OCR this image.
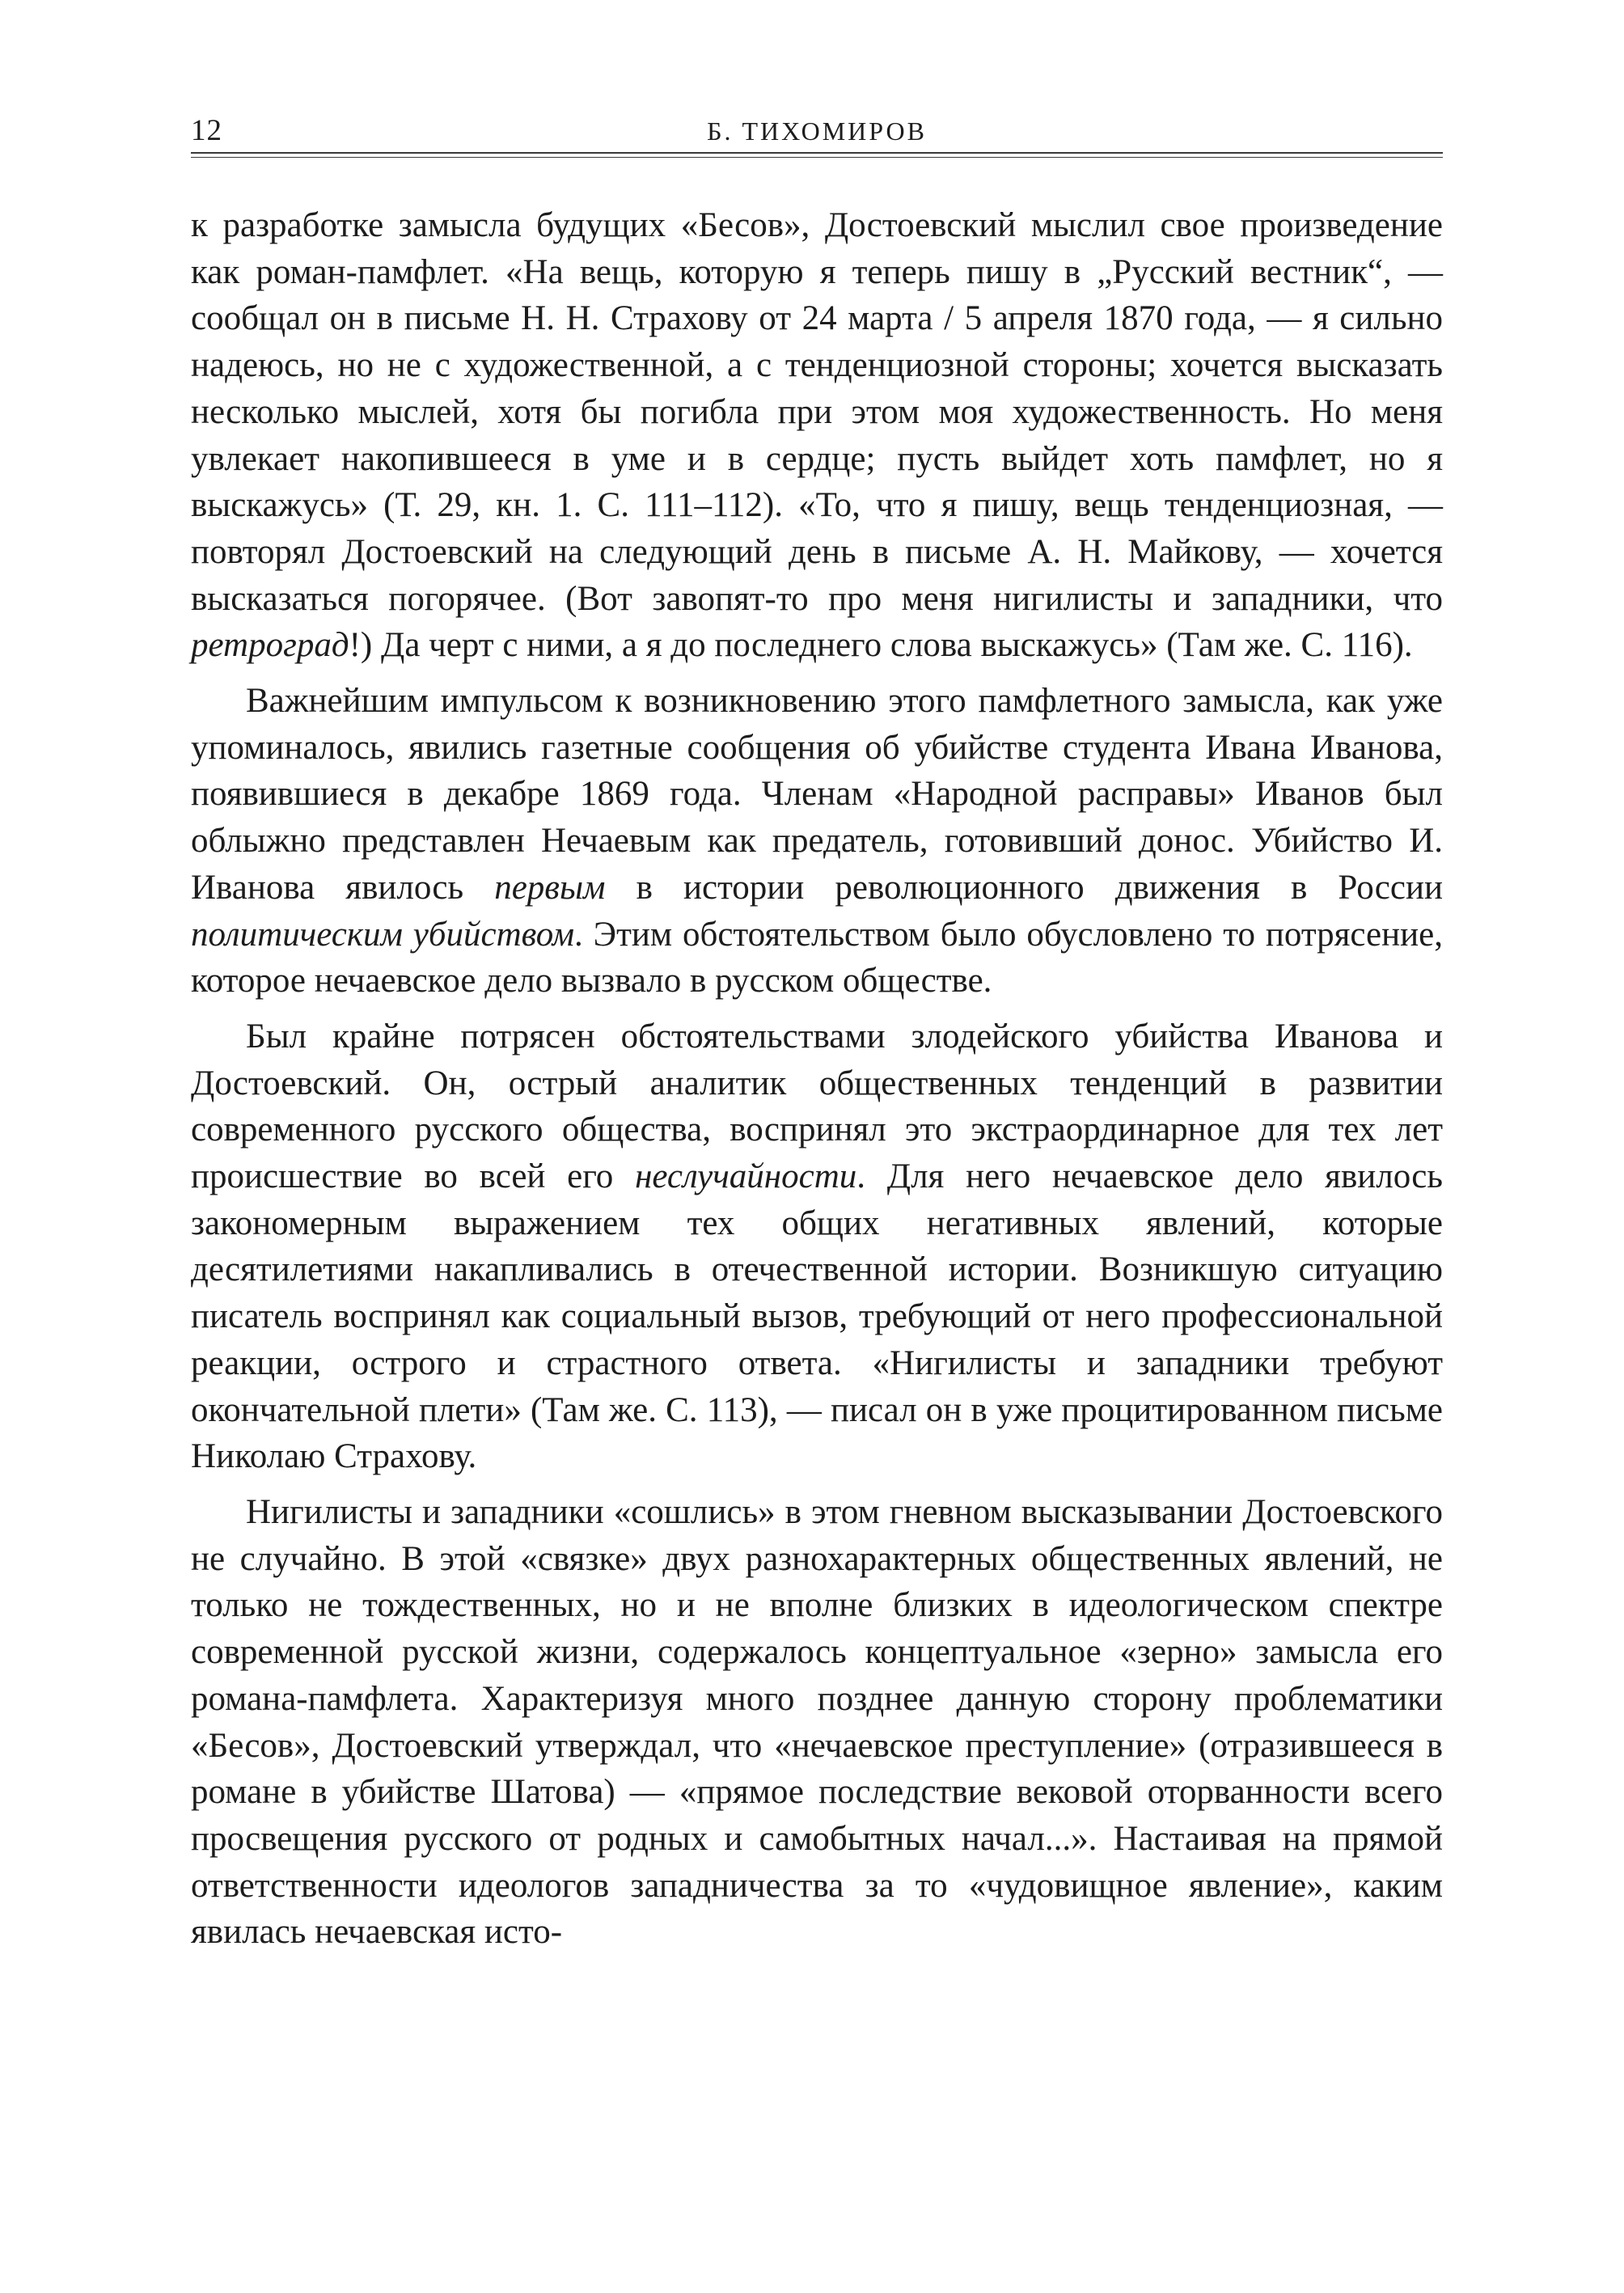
12	Б. ТИХОМИРОВ

к разработке замысла будущих «Бесов», Достоевский мыслил свое произведение как роман-памфлет. «На вещь, которую я теперь пишу в „Русский вестник“, — сообщал он в письме Н. Н. Страхову от 24 марта / 5 апреля 1870 года, — я сильно надеюсь, но не с художественной, а с тенденциозной стороны; хочется высказать несколько мыслей, хотя бы погибла при этом моя художественность. Но меня увлекает накопившееся в уме и в сердце; пусть выйдет хоть памфлет, но я выскажусь» (Т. 29, кн. 1. С. 111–112). «То, что я пишу, вещь тенденциозная, — повторял Достоевский на следующий день в письме А. Н. Майкову, — хочется высказаться погорячее. (Вот завопят-то про меня нигилисты и западники, что ретроград!) Да черт с ними, а я до последнего слова выскажусь» (Там же. С. 116).

Важнейшим импульсом к возникновению этого памфлетного замысла, как уже упоминалось, явились газетные сообщения об убийстве студента Ивана Иванова, появившиеся в декабре 1869 года. Членам «Народной расправы» Иванов был облыжно представлен Нечаевым как предатель, готовивший донос. Убийство И. Иванова явилось первым в истории революционного движения в России политическим убийством. Этим обстоятельством было обусловлено то потрясение, которое нечаевское дело вызвало в русском обществе.

Был крайне потрясен обстоятельствами злодейского убийства Иванова и Достоевский. Он, острый аналитик общественных тенденций в развитии современного русского общества, воспринял это экстраординарное для тех лет происшествие во всей его неслучайности. Для него нечаевское дело явилось закономерным выражением тех общих негативных явлений, которые десятилетиями накапливались в отечественной истории. Возникшую ситуацию писатель воспринял как социальный вызов, требующий от него профессиональной реакции, острого и страстного ответа. «Нигилисты и западники требуют окончательной плети» (Там же. С. 113), — писал он в уже процитированном письме Николаю Страхову.

Нигилисты и западники «сошлись» в этом гневном высказывании Достоевского не случайно. В этой «связке» двух разнохарактерных общественных явлений, не только не тождественных, но и не вполне близких в идеологическом спектре современной русской жизни, содержалось концептуальное «зерно» замысла его романа-памфлета. Характеризуя много позднее данную сторону проблематики «Бесов», Достоевский утверждал, что «нечаевское преступление» (отразившееся в романе в убийстве Шатова) — «прямое последствие вековой оторванности всего просвещения русского от родных и самобытных начал...». Настаивая на прямой ответственности идеологов западничества за то «чудовищное явление», каким явилась нечаевская исто-
